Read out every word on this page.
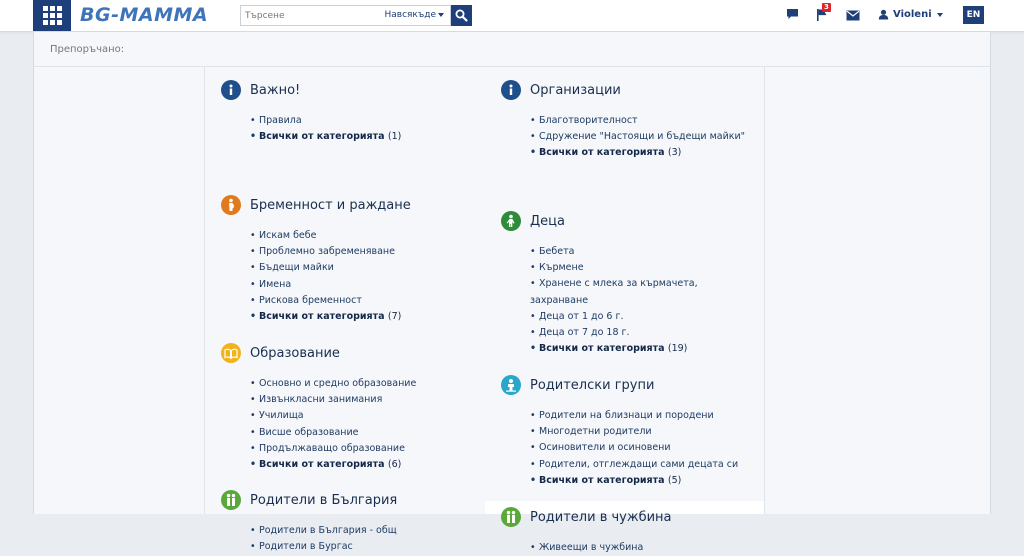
BG-MAMMA
Търсене	Навсякъде
3
Violeni	EN
Препоръчано:
Важно!
• Правила
• Всички от категорията (1)
Бременност и раждане
• Искам бебе
• Проблемно забременяване
• Бъдещи майки
• Имена
• Рискова бременност
• Всички от категорията (7)
Образование
• Основно и средно образование
• Извънкласни занимания
• Училища
• Висше образование
• Продължаващо образование
• Всички от категорията (6)
Родители в България
• Родители в България - общ
• Родители в Бургас
Организации
• Благотворителност
• Сдружение "Настоящи и бъдещи майки"
• Всички от категорията (3)
Деца
• Бебета
• Кърмене
• Хранене с млека за кърмачета,
захранване
• Деца от 1 до 6 г.
• Деца от 7 до 18 г.
• Всички от категорията (19)
Родителски групи
• Родители на близнаци и породени
• Многодетни родители
• Осиновители и осиновени
• Родители, отглеждащи сами децата си
• Всички от категорията (5)
Родители в чужбина
• Живеещи в чужбина
